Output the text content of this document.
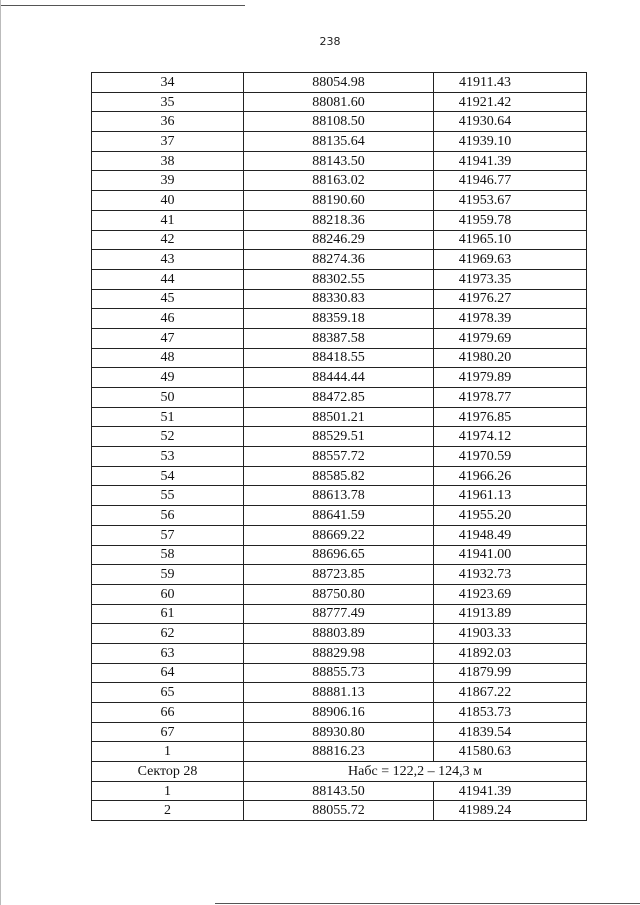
238
34	88054.98	41911.43
35	88081.60	41921.42
36	88108.50	41930.64
37	88135.64	41939.10
38	88143.50	41941.39
39	88163.02	41946.77
40	88190.60	41953.67
41	88218.36	41959.78
42	88246.29	41965.10
43	88274.36	41969.63
44	88302.55	41973.35
45	88330.83	41976.27
46	88359.18	41978.39
47	88387.58	41979.69
48	88418.55	41980.20
49	88444.44	41979.89
50	88472.85	41978.77
51	88501.21	41976.85
52	88529.51	41974.12
53	88557.72	41970.59
54	88585.82	41966.26
55	88613.78	41961.13
56	88641.59	41955.20
57	88669.22	41948.49
58	88696.65	41941.00
59	88723.85	41932.73
60	88750.80	41923.69
61	88777.49	41913.89
62	88803.89	41903.33
63	88829.98	41892.03
64	88855.73	41879.99
65	88881.13	41867.22
66	88906.16	41853.73
67	88930.80	41839.54
1	88816.23	41580.63
Сектор 28	Набс = 122,2 – 124,3 м	
1	88143.50	41941.39
2	88055.72	41989.24
